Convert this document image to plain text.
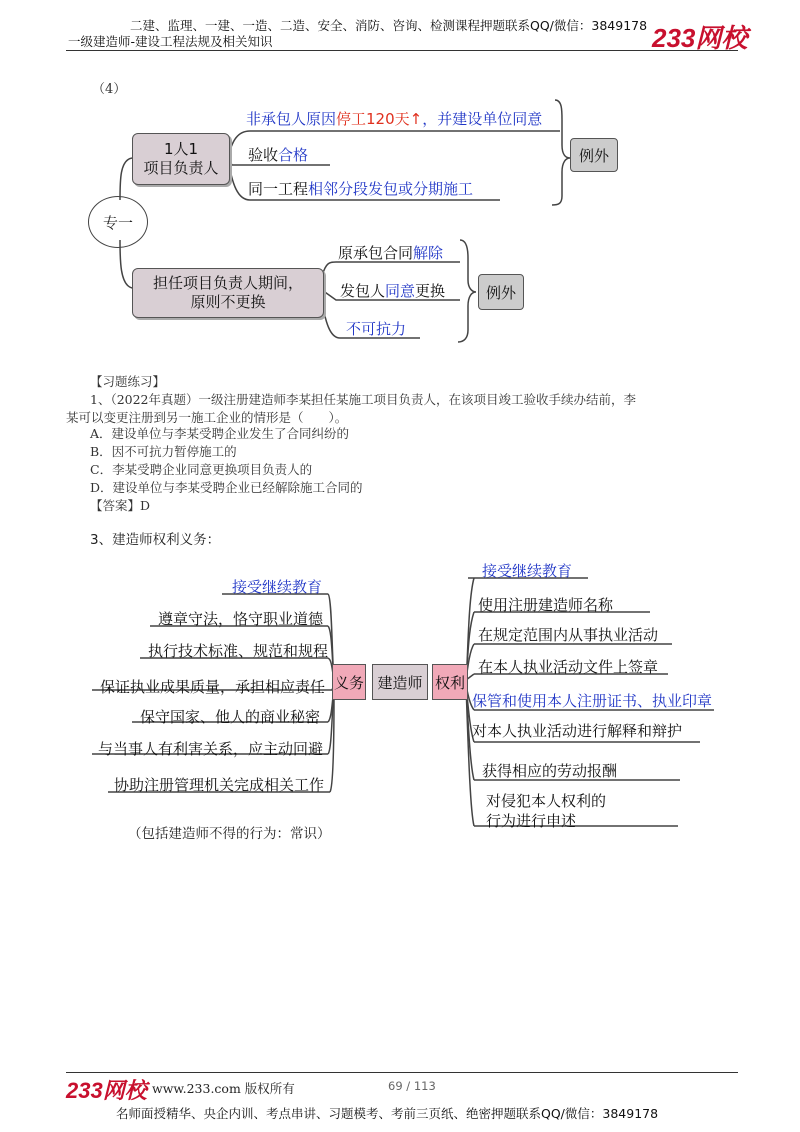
二建、监理、一建、一造、二造、安全、消防、咨询、检测课程押题联系QQ/微信：3849178
一级建造师-建设工程法规及相关知识	233网校
（4）
专一
1人1
项目负责人
非承包人原因停工120天↑，并建设单位同意
验收合格
同一工程相邻分段发包或分期施工
例外
担任项目负责人期间，
原则不更换
原承包合同解除
发包人同意更换
不可抗力
例外
【习题练习】
1、（2022年真题）一级注册建造师李某担任某施工项目负责人，在该项目竣工验收手续办结前，李
某可以变更注册到另一施工企业的情形是（　　）。
A．建设单位与李某受聘企业发生了合同纠纷的
B．因不可抗力暂停施工的
C．李某受聘企业同意更换项目负责人的
D．建设单位与李某受聘企业已经解除施工合同的
【答案】D
3、建造师权利义务：
义务 建造师 权利
接受继续教育
遵章守法，恪守职业道德
执行技术标准、规范和规程
保证执业成果质量，承担相应责任
保守国家、他人的商业秘密
与当事人有利害关系，应主动回避
协助注册管理机关完成相关工作
接受继续教育
使用注册建造师名称
在规定范围内从事执业活动
在本人执业活动文件上签章
保管和使用本人注册证书、执业印章
对本人执业活动进行解释和辩护
获得相应的劳动报酬
对侵犯本人权利的
行为进行申述
（包括建造师不得的行为：常识）
233网校 www.233.com 版权所有	69 / 113
名师面授精华、央企内训、考点串讲、习题模考、考前三页纸、绝密押题联系QQ/微信：3849178
